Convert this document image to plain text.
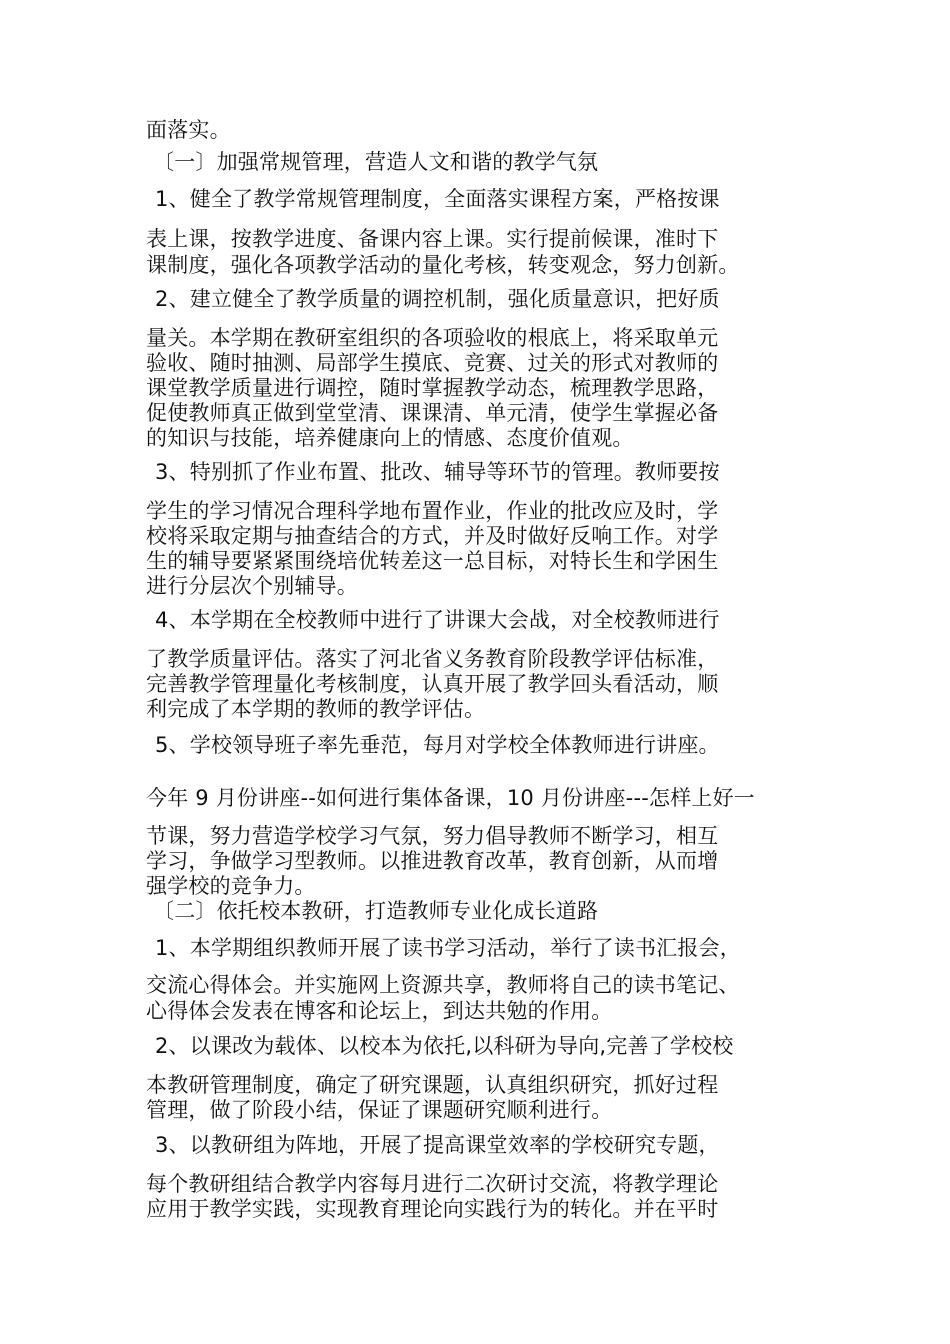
面落实。
〔一〕加强常规管理，营造人文和谐的教学气氛
1、健全了教学常规管理制度，全面落实课程方案，严格按课
表上课，按教学进度、备课内容上课。实行提前候课，准时下
课制度，强化各项教学活动的量化考核，转变观念，努力创新。
2、建立健全了教学质量的调控机制，强化质量意识，把好质
量关。本学期在教研室组织的各项验收的根底上，将采取单元
验收、随时抽测、局部学生摸底、竞赛、过关的形式对教师的
课堂教学质量进行调控，随时掌握教学动态，梳理教学思路，
促使教师真正做到堂堂清、课课清、单元清，使学生掌握必备
的知识与技能，培养健康向上的情感、态度价值观。
3、特别抓了作业布置、批改、辅导等环节的管理。教师要按
学生的学习情况合理科学地布置作业，作业的批改应及时，学
校将采取定期与抽查结合的方式，并及时做好反响工作。对学
生的辅导要紧紧围绕培优转差这一总目标，对特长生和学困生
进行分层次个别辅导。
4、本学期在全校教师中进行了讲课大会战，对全校教师进行
了教学质量评估。落实了河北省义务教育阶段教学评估标准，
完善教学管理量化考核制度，认真开展了教学回头看活动，顺
利完成了本学期的教师的教学评估。
5、学校领导班子率先垂范，每月对学校全体教师进行讲座。
今年 9 月份讲座--如何进行集体备课，10 月份讲座---怎样上好一
节课，努力营造学校学习气氛，努力倡导教师不断学习，相互
学习，争做学习型教师。以推进教育改革，教育创新，从而增
强学校的竞争力。
〔二〕依托校本教研，打造教师专业化成长道路
1、本学期组织教师开展了读书学习活动，举行了读书汇报会，
交流心得体会。并实施网上资源共享，教师将自己的读书笔记、
心得体会发表在博客和论坛上，到达共勉的作用。
2、以课改为载体、以校本为依托,以科研为导向,完善了学校校
本教研管理制度，确定了研究课题，认真组织研究，抓好过程
管理，做了阶段小结，保证了课题研究顺利进行。
3、以教研组为阵地，开展了提高课堂效率的学校研究专题，
每个教研组结合教学内容每月进行二次研讨交流，将教学理论
应用于教学实践，实现教育理论向实践行为的转化。并在平时
